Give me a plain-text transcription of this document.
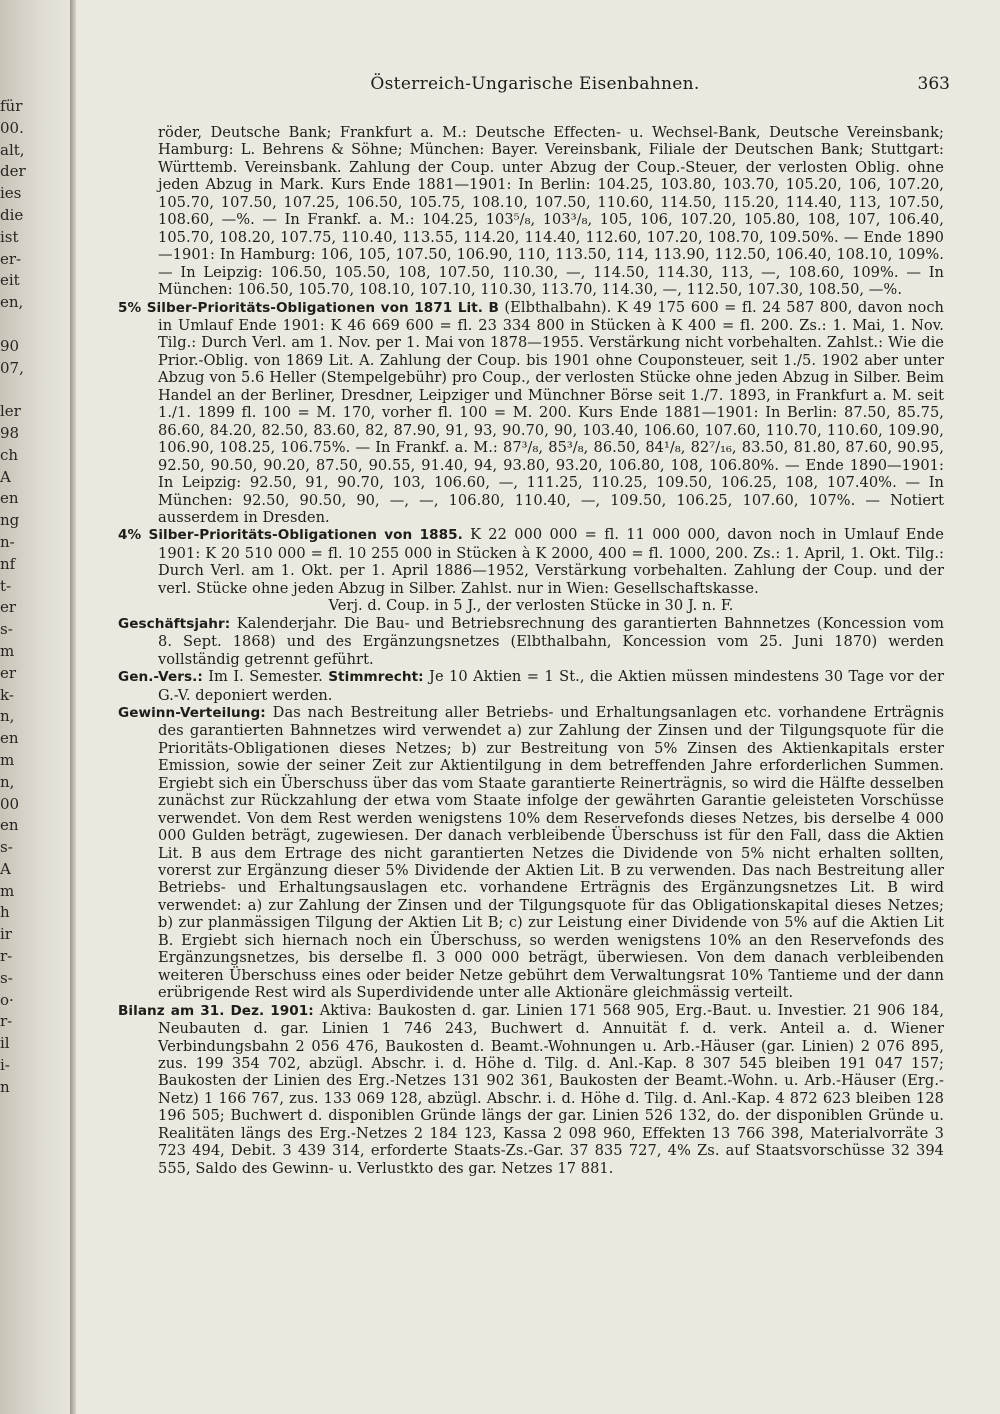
für
00.
alt,
der
ies
die
ist
er-
eit
en,

90
07,

ler
98
ch
A
en
ng
n-
nf
t-
er
s-
m
er
k-
n,
en
m
n,
00
en
s-
A
m
h
ir
r-
s-
o·
r-
il
i-
n
Österreich-Ungarische Eisenbahnen.	363

röder, Deutsche Bank; Frankfurt a. M.: Deutsche Effecten- u. Wechsel-Bank, Deutsche Vereinsbank; Hamburg: L. Behrens & Söhne; München: Bayer. Vereinsbank, Filiale der Deutschen Bank; Stuttgart: Württemb. Vereinsbank. Zahlung der Coup. unter Abzug der Coup.-Steuer, der verlosten Oblig. ohne jeden Abzug in Mark. Kurs Ende 1881—1901: In Berlin: 104.25, 103.80, 103.70, 105.20, 106, 107.20, 105.70, 107.50, 107.25, 106.50, 105.75, 108.10, 107.50, 110.60, 114.50, 115.20, 114.40, 113, 107.50, 108.60, —%. — In Frankf. a. M.: 104.25, 103⁵/₈, 103³/₈, 105, 106, 107.20, 105.80, 108, 107, 106.40, 105.70, 108.20, 107.75, 110.40, 113.55, 114.20, 114.40, 112.60, 107.20, 108.70, 109.50%. — Ende 1890—1901: In Hamburg: 106, 105, 107.50, 106.90, 110, 113.50, 114, 113.90, 112.50, 106.40, 108.10, 109%. — In Leipzig: 106.50, 105.50, 108, 107.50, 110.30, —, 114.50, 114.30, 113, —, 108.60, 109%. — In München: 106.50, 105.70, 108.10, 107.10, 110.30, 113.70, 114.30, —, 112.50, 107.30, 108.50, —%.

5% Silber-Prioritäts-Obligationen von 1871 Lit. B (Elbthalbahn). K 49 175 600 = fl. 24 587 800, davon noch in Umlauf Ende 1901: K 46 669 600 = fl. 23 334 800 in Stücken à K 400 = fl. 200. Zs.: 1. Mai, 1. Nov. Tilg.: Durch Verl. am 1. Nov. per 1. Mai von 1878—1955. Verstärkung nicht vorbehalten. Zahlst.: Wie die Prior.-Oblig. von 1869 Lit. A. Zahlung der Coup. bis 1901 ohne Couponsteuer, seit 1./5. 1902 aber unter Abzug von 5.6 Heller (Stempelgebühr) pro Coup., der verlosten Stücke ohne jeden Abzug in Silber. Beim Handel an der Berliner, Dresdner, Leipziger und Münchner Börse seit 1./7. 1893, in Frankfurt a. M. seit 1./1. 1899 fl. 100 = M. 170, vorher fl. 100 = M. 200. Kurs Ende 1881—1901: In Berlin: 87.50, 85.75, 86.60, 84.20, 82.50, 83.60, 82, 87.90, 91, 93, 90.70, 90, 103.40, 106.60, 107.60, 110.70, 110.60, 109.90, 106.90, 108.25, 106.75%. — In Frankf. a. M.: 87³/₈, 85³/₈, 86.50, 84¹/₈, 82⁷/₁₆, 83.50, 81.80, 87.60, 90.95, 92.50, 90.50, 90.20, 87.50, 90.55, 91.40, 94, 93.80, 93.20, 106.80, 108, 106.80%. — Ende 1890—1901: In Leipzig: 92.50, 91, 90.70, 103, 106.60, —, 111.25, 110.25, 109.50, 106.25, 108, 107.40%. — In München: 92.50, 90.50, 90, —, —, 106.80, 110.40, —, 109.50, 106.25, 107.60, 107%. — Notiert ausserdem in Dresden.

4% Silber-Prioritäts-Obligationen von 1885. K 22 000 000 = fl. 11 000 000, davon noch in Umlauf Ende 1901: K 20 510 000 = fl. 10 255 000 in Stücken à K 2000, 400 = fl. 1000, 200. Zs.: 1. April, 1. Okt. Tilg.: Durch Verl. am 1. Okt. per 1. April 1886—1952, Verstärkung vorbehalten. Zahlung der Coup. und der verl. Stücke ohne jeden Abzug in Silber. Zahlst. nur in Wien: Gesellschaftskasse.

Verj. d. Coup. in 5 J., der verlosten Stücke in 30 J. n. F.

Geschäftsjahr: Kalenderjahr. Die Bau- und Betriebsrechnung des garantierten Bahnnetzes (Koncession vom 8. Sept. 1868) und des Ergänzungsnetzes (Elbthalbahn, Koncession vom 25. Juni 1870) werden vollständig getrennt geführt.

Gen.-Vers.: Im I. Semester. Stimmrecht: Je 10 Aktien = 1 St., die Aktien müssen mindestens 30 Tage vor der G.-V. deponiert werden.

Gewinn-Verteilung: Das nach Bestreitung aller Betriebs- und Erhaltungsanlagen etc. vorhandene Erträgnis des garantierten Bahnnetzes wird verwendet a) zur Zahlung der Zinsen und der Tilgungsquote für die Prioritäts-Obligationen dieses Netzes; b) zur Bestreitung von 5% Zinsen des Aktienkapitals erster Emission, sowie der seiner Zeit zur Aktientilgung in dem betreffenden Jahre erforderlichen Summen. Ergiebt sich ein Überschuss über das vom Staate garantierte Reinerträgnis, so wird die Hälfte desselben zunächst zur Rückzahlung der etwa vom Staate infolge der gewährten Garantie geleisteten Vorschüsse verwendet. Von dem Rest werden wenigstens 10% dem Reservefonds dieses Netzes, bis derselbe 4 000 000 Gulden beträgt, zugewiesen. Der danach verbleibende Überschuss ist für den Fall, dass die Aktien Lit. B aus dem Ertrage des nicht garantierten Netzes die Dividende von 5% nicht erhalten sollten, vorerst zur Ergänzung dieser 5% Dividende der Aktien Lit. B zu verwenden. Das nach Bestreitung aller Betriebs- und Erhaltungsauslagen etc. vorhandene Erträgnis des Ergänzungsnetzes Lit. B wird verwendet: a) zur Zahlung der Zinsen und der Tilgungsquote für das Obligationskapital dieses Netzes; b) zur planmässigen Tilgung der Aktien Lit B; c) zur Leistung einer Dividende von 5% auf die Aktien Lit B. Ergiebt sich hiernach noch ein Überschuss, so werden wenigstens 10% an den Reservefonds des Ergänzungsnetzes, bis derselbe fl. 3 000 000 beträgt, überwiesen. Von dem danach verbleibenden weiteren Überschuss eines oder beider Netze gebührt dem Verwaltungsrat 10% Tantieme und der dann erübrigende Rest wird als Superdividende unter alle Aktionäre gleichmässig verteilt.

Bilanz am 31. Dez. 1901: Aktiva: Baukosten d. gar. Linien 171 568 905, Erg.-Baut. u. Investier. 21 906 184, Neubauten d. gar. Linien 1 746 243, Buchwert d. Annuität f. d. verk. Anteil a. d. Wiener Verbindungsbahn 2 056 476, Baukosten d. Beamt.-Wohnungen u. Arb.-Häuser (gar. Linien) 2 076 895, zus. 199 354 702, abzügl. Abschr. i. d. Höhe d. Tilg. d. Anl.-Kap. 8 307 545 bleiben 191 047 157; Baukosten der Linien des Erg.-Netzes 131 902 361, Baukosten der Beamt.-Wohn. u. Arb.-Häuser (Erg.-Netz) 1 166 767, zus. 133 069 128, abzügl. Abschr. i. d. Höhe d. Tilg. d. Anl.-Kap. 4 872 623 bleiben 128 196 505; Buchwert d. disponiblen Gründe längs der gar. Linien 526 132, do. der disponiblen Gründe u. Realitäten längs des Erg.-Netzes 2 184 123, Kassa 2 098 960, Effekten 13 766 398, Materialvorräte 3 723 494, Debit. 3 439 314, erforderte Staats-Zs.-Gar. 37 835 727, 4% Zs. auf Staatsvorschüsse 32 394 555, Saldo des Gewinn- u. Verlustkto des gar. Netzes 17 881.
